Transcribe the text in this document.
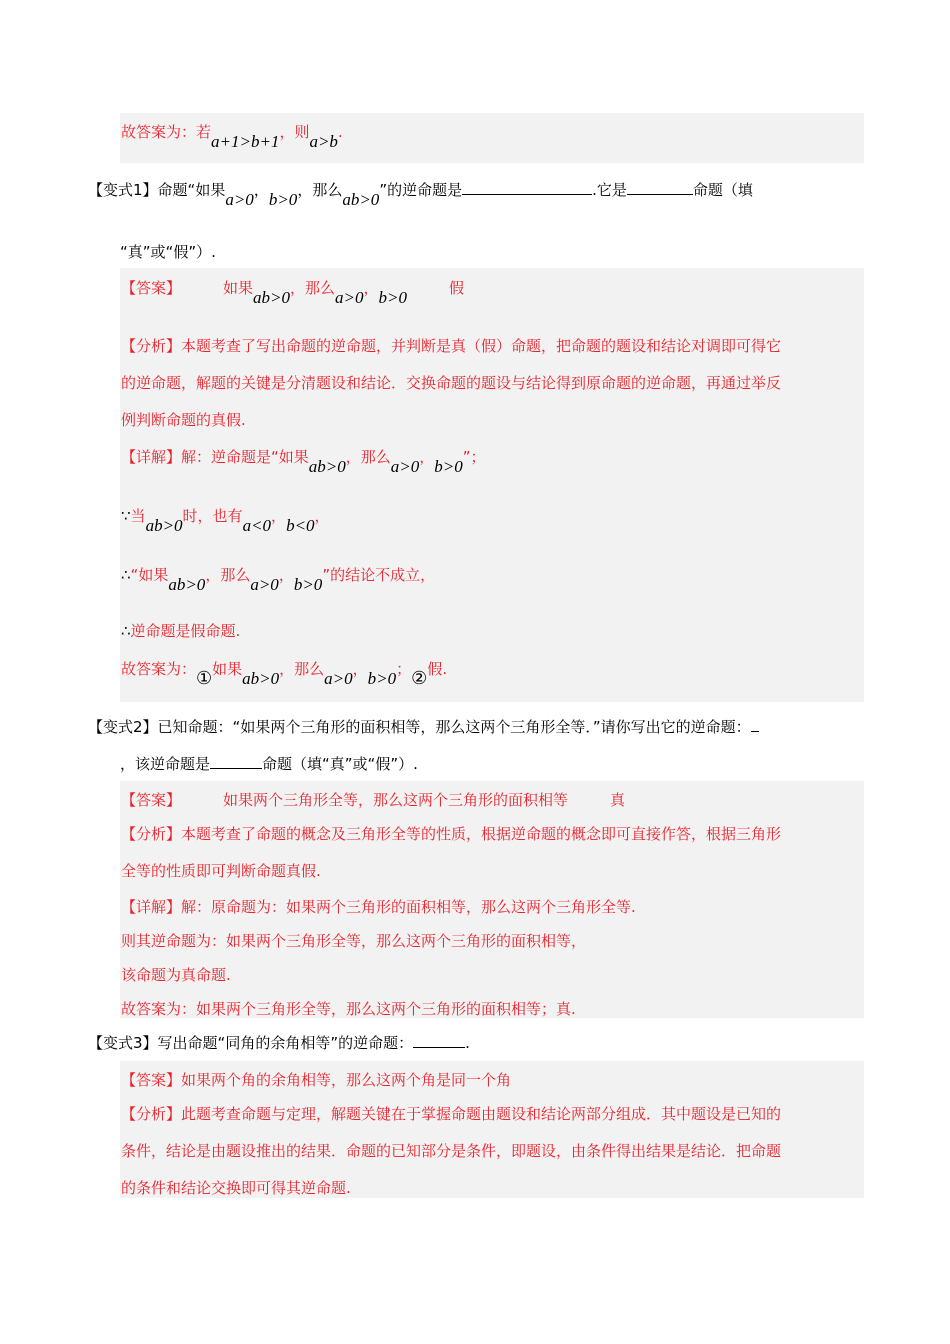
故答案为：若a+1>b+1，则a>b.
【变式1】命题“如果a>0，b>0，那么ab>0”的逆命题是	.它是	命题（填
“真”或“假”）.
【答案】	如果ab>0，那么a>0，b>0	假
【分析】本题考查了写出命题的逆命题，并判断是真（假）命题，把命题的题设和结论对调即可得它
的逆命题，解题的关键是分清题设和结论．交换命题的题设与结论得到原命题的逆命题，再通过举反
例判断命题的真假.
【详解】解：逆命题是“如果ab>0，那么a>0，b>0”；
∵当ab>0时，也有a<0，b<0，
∴“如果ab>0，那么a>0，b>0”的结论不成立，
∴逆命题是假命题.
故答案为：①如果ab>0，那么a>0，b>0；②假.
【变式2】已知命题：“如果两个三角形的面积相等，那么这两个三角形全等．”请你写出它的逆命题：
，该逆命题是	命题（填“真”或“假”）.
【答案】	如果两个三角形全等，那么这两个三角形的面积相等	真
【分析】本题考查了命题的概念及三角形全等的性质，根据逆命题的概念即可直接作答，根据三角形
全等的性质即可判断命题真假.
【详解】解：原命题为：如果两个三角形的面积相等，那么这两个三角形全等.
则其逆命题为：如果两个三角形全等，那么这两个三角形的面积相等，
该命题为真命题.
故答案为：如果两个三角形全等，那么这两个三角形的面积相等；真.
【变式3】写出命题“同角的余角相等”的逆命题：	.
【答案】如果两个角的余角相等，那么这两个角是同一个角
【分析】此题考查命题与定理，解题关键在于掌握命题由题设和结论两部分组成．其中题设是已知的
条件，结论是由题设推出的结果．命题的已知部分是条件，即题设，由条件得出结果是结论．把命题
的条件和结论交换即可得其逆命题.
